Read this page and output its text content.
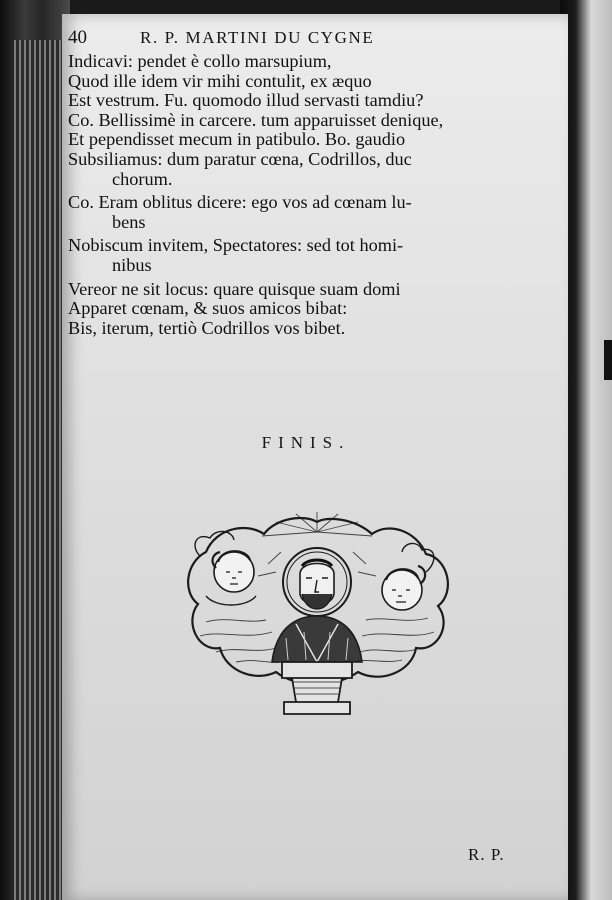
40	R. P. MARTINI DU CYGNE
Indicavi: pendet è collo marsupium,
Quod ille idem vir mihi contulit, ex æquo
Est vestrum. Fu. quomodo illud servasti tamdiu?
Co. Bellissimè in carcere. tum apparuisset denique,
Et pependisset mecum in patibulo. Bo. gaudio
Subsiliamus: dum paratur cœna, Codrillos, duc
chorum.
Co. Eram oblitus dicere: ego vos ad cœnam lu-
bens
Nobiscum invitem, Spectatores: sed tot homi-
nibus
Vereor ne sit locus: quare quisque suam domi
Apparet cœnam, & suos amicos bibat:
Bis, iterum, tertiò Codrillos vos bibet.
FINIS.
R. P.
